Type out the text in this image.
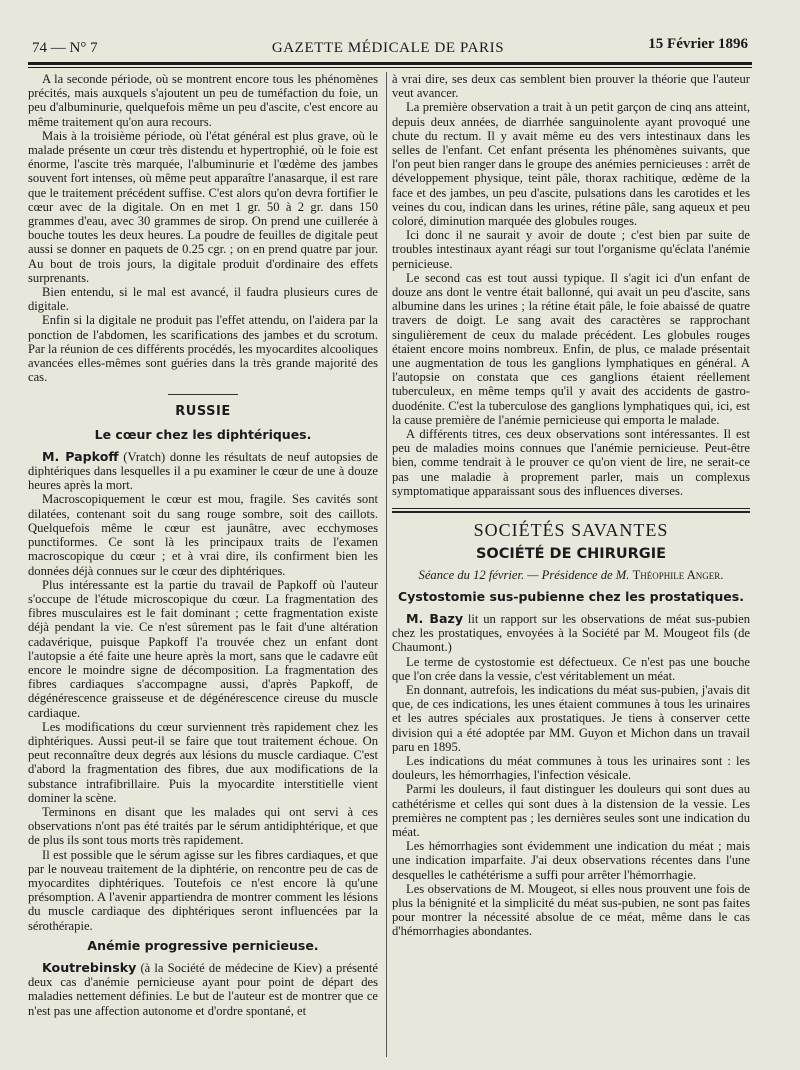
74 — N° 7	GAZETTE MÉDICALE DE PARIS	15 Février 1896

A la seconde période, où se montrent encore tous les phénomènes précités, mais auxquels s'ajoutent un peu de tuméfaction du foie, un peu d'albuminurie, quelquefois même un peu d'ascite, c'est encore au même traitement qu'on aura recours.

Mais à la troisième période, où l'état général est plus grave, où le malade présente un cœur très distendu et hypertrophié, où le foie est énorme, l'ascite très marquée, l'albuminurie et l'œdème des jambes souvent fort intenses, où même peut apparaître l'anasarque, il est rare que le traitement précédent suffise. C'est alors qu'on devra fortifier le cœur avec de la digitale. On en met 1 gr. 50 à 2 gr. dans 150 grammes d'eau, avec 30 grammes de sirop. On prend une cuillerée à bouche toutes les deux heures. La poudre de feuilles de digitale peut aussi se donner en paquets de 0.25 cgr. ; on en prend quatre par jour. Au bout de trois jours, la digitale produit d'ordinaire des effets surprenants.

Bien entendu, si le mal est avancé, il faudra plusieurs cures de digitale.

Enfin si la digitale ne produit pas l'effet attendu, on l'aidera par la ponction de l'abdomen, les scarifications des jambes et du scrotum. Par la réunion de ces différents procédés, les myocardites alcooliques avancées elles-mêmes sont guéries dans la très grande majorité des cas.

RUSSIE
Le cœur chez les diphtériques.

M. Papkoff (Vratch) donne les résultats de neuf autopsies de diphtériques dans lesquelles il a pu examiner le cœur de une à douze heures après la mort.

Macroscopiquement le cœur est mou, fragile. Ses cavités sont dilatées, contenant soit du sang rouge sombre, soit des caillots. Quelquefois même le cœur est jaunâtre, avec ecchymoses punctiformes. Ce sont là les principaux traits de l'examen macroscopique du cœur ; et à vrai dire, ils confirment bien les données déjà connues sur le cœur des diphtériques.

Plus intéressante est la partie du travail de Papkoff où l'auteur s'occupe de l'étude microscopique du cœur. La fragmentation des fibres musculaires est le fait dominant ; cette fragmentation existe déjà pendant la vie. Ce n'est sûrement pas le fait d'une altération cadavérique, puisque Papkoff l'a trouvée chez un enfant dont l'autopsie a été faite une heure après la mort, sans que le cadavre eût encore le moindre signe de décomposition. La fragmentation des fibres cardiaques s'accompagne aussi, d'après Papkoff, de dégénérescence graisseuse et de dégénérescence cireuse du muscle cardiaque.

Les modifications du cœur surviennent très rapidement chez les diphtériques. Aussi peut-il se faire que tout traitement échoue. On peut reconnaître deux degrés aux lésions du muscle cardiaque. C'est d'abord la fragmentation des fibres, due aux modifications de la substance intrafibrillaire. Puis la myocardite interstitielle vient dominer la scène.

Terminons en disant que les malades qui ont servi à ces observations n'ont pas été traités par le sérum antidiphtérique, et que de plus ils sont tous morts très rapidement.

Il est possible que le sérum agisse sur les fibres cardiaques, et que par le nouveau traitement de la diphtérie, on rencontre peu de cas de myocardites diphtériques. Toutefois ce n'est encore là qu'une présomption. A l'avenir appartiendra de montrer comment les lésions du muscle cardiaque des diphtériques seront influencées par la sérothérapie.

Anémie progressive pernicieuse.

Koutrebinsky (à la Société de médecine de Kiev) a présenté deux cas d'anémie pernicieuse ayant pour point de départ des maladies nettement définies. Le but de l'auteur est de montrer que ce n'est pas une affection autonome et d'ordre spontané, et

à vrai dire, ses deux cas semblent bien prouver la théorie que l'auteur veut avancer.

La première observation a trait à un petit garçon de cinq ans atteint, depuis deux années, de diarrhée sanguinolente ayant provoqué une chute du rectum. Il y avait même eu des vers intestinaux dans les selles de l'enfant. Cet enfant présenta les phénomènes suivants, que l'on peut bien ranger dans le groupe des anémies pernicieuses : arrêt de développement physique, teint pâle, thorax rachitique, œdème de la face et des jambes, un peu d'ascite, pulsations dans les carotides et les veines du cou, indican dans les urines, rétine pâle, sang aqueux et peu coloré, diminution marquée des globules rouges.

Ici donc il ne saurait y avoir de doute ; c'est bien par suite de troubles intestinaux ayant réagi sur tout l'organisme qu'éclata l'anémie pernicieuse.

Le second cas est tout aussi typique. Il s'agit ici d'un enfant de douze ans dont le ventre était ballonné, qui avait un peu d'ascite, sans albumine dans les urines ; la rétine était pâle, le foie abaissé de quatre travers de doigt. Le sang avait des caractères se rapprochant singulièrement de ceux du malade précédent. Les globules rouges étaient encore moins nombreux. Enfin, de plus, ce malade présentait une augmentation de tous les ganglions lymphatiques en général. A l'autopsie on constata que ces ganglions étaient réellement tuberculeux, en même temps qu'il y avait des accidents de gastro-duodénite. C'est la tuberculose des ganglions lymphatiques qui, ici, est la cause première de l'anémie pernicieuse qui emporta le malade.

A différents titres, ces deux observations sont intéressantes. Il est peu de maladies moins connues que l'anémie pernicieuse. Peut-être bien, comme tendrait à le prouver ce qu'on vient de lire, ne serait-ce pas une maladie à proprement parler, mais un complexus symptomatique apparaissant sous des influences diverses.

SOCIÉTÉS SAVANTES
SOCIÉTÉ DE CHIRURGIE
Séance du 12 février. — Présidence de M. Théophile Anger.
Cystostomie sus-pubienne chez les prostatiques.

M. Bazy lit un rapport sur les observations de méat sus-pubien chez les prostatiques, envoyées à la Société par M. Mougeot fils (de Chaumont.)

Le terme de cystostomie est défectueux. Ce n'est pas une bouche que l'on crée dans la vessie, c'est véritablement un méat.

En donnant, autrefois, les indications du méat sus-pubien, j'avais dit que, de ces indications, les unes étaient communes à tous les urinaires et les autres spéciales aux prostatiques. Je tiens à conserver cette division qui a été adoptée par MM. Guyon et Michon dans un travail paru en 1895.

Les indications du méat communes à tous les urinaires sont : les douleurs, les hémorrhagies, l'infection vésicale.

Parmi les douleurs, il faut distinguer les douleurs qui sont dues au cathétérisme et celles qui sont dues à la distension de la vessie. Les premières ne comptent pas ; les dernières seules sont une indication du méat.

Les hémorrhagies sont évidemment une indication du méat ; mais une indication imparfaite. J'ai deux observations récentes dans l'une desquelles le cathétérisme a suffi pour arrêter l'hémorrhagie.

Les observations de M. Mougeot, si elles nous prouvent une fois de plus la bénignité et la simplicité du méat sus-pubien, ne sont pas faites pour montrer la nécessité absolue de ce méat, même dans le cas d'hémorrhagies abondantes.
